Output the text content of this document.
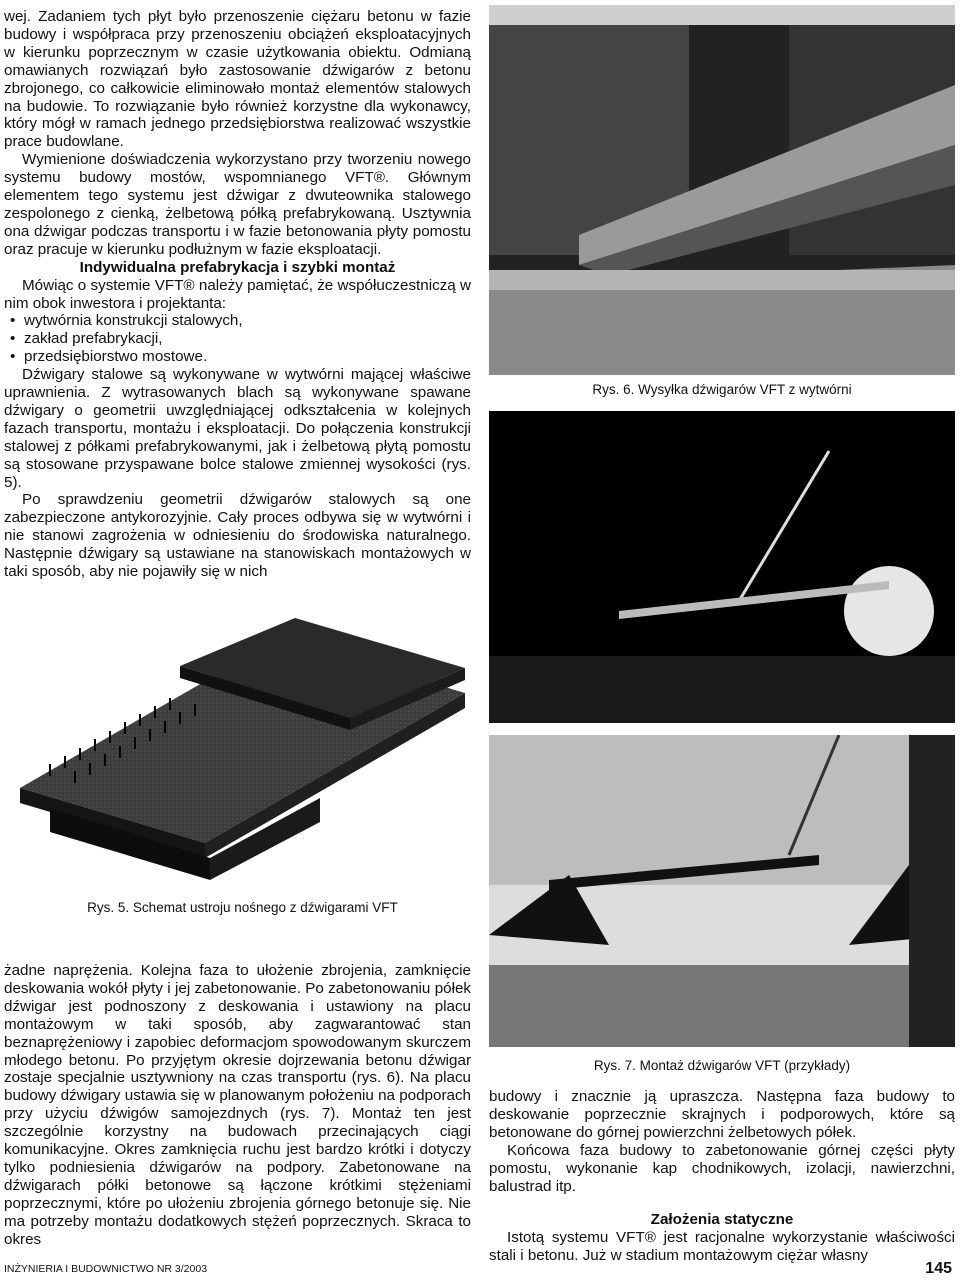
wej. Zadaniem tych płyt było przenoszenie ciężaru betonu w fazie budowy i współpraca przy przenoszeniu obciążeń eksploatacyjnych w kierunku poprzecznym w czasie użytkowania obiektu. Odmianą omawianych rozwiązań było zastosowanie dźwigarów z betonu zbrojonego, co całkowicie eliminowało montaż elementów stalowych na budowie. To rozwiązanie było również korzystne dla wykonawcy, który mógł w ramach jednego przedsiębiorstwa realizować wszystkie prace budowlane.

Wymienione doświadczenia wykorzystano przy tworzeniu nowego systemu budowy mostów, wspomnianego VFT®. Głównym elementem tego systemu jest dźwigar z dwuteownika stalowego zespolonego z cienką, żelbetową półką prefabrykowaną. Usztywnia ona dźwigar podczas transportu i w fazie betonowania płyty pomostu oraz pracuje w kierunku podłużnym w fazie eksploatacji.

Indywidualna prefabrykacja i szybki montaż

Mówiąc o systemie VFT® należy pamiętać, że współuczestniczą w nim obok inwestora i projektanta:

• wytwórnia konstrukcji stalowych,
• zakład prefabrykacji,
• przedsiębiorstwo mostowe.

Dźwigary stalowe są wykonywane w wytwórni mającej właściwe uprawnienia. Z wytrasowanych blach są wykonywane spawane dźwigary o geometrii uwzględniającej odkształcenia w kolejnych fazach transportu, montażu i eksploatacji. Do połączenia konstrukcji stalowej z półkami prefabrykowanymi, jak i żelbetową płytą pomostu są stosowane przyspawane bolce stalowe zmiennej wysokości (rys. 5).

Po sprawdzeniu geometrii dźwigarów stalowych są one zabezpieczone antykorozyjnie. Cały proces odbywa się w wytwórni i nie stanowi zagrożenia w odniesieniu do środowiska naturalnego. Następnie dźwigary są ustawiane na stanowiskach montażowych w taki sposób, aby nie pojawiły się w nich

Rys. 5. Schemat ustroju nośnego z dźwigarami VFT
Rys. 6. Wysyłka dźwigarów VFT z wytwórni
Rys. 7. Montaż dźwigarów VFT (przykłady)

żadne naprężenia. Kolejna faza to ułożenie zbrojenia, zamknięcie deskowania wokół płyty i jej zabetonowanie. Po zabetonowaniu półek dźwigar jest podnoszony z deskowania i ustawiony na placu montażowym w taki sposób, aby zagwarantować stan beznaprężeniowy i zapobiec deformacjom spowodowanym skurczem młodego betonu. Po przyjętym okresie dojrzewania betonu dźwigar zostaje specjalnie usztywniony na czas transportu (rys. 6). Na placu budowy dźwigary ustawia się w planowanym położeniu na podporach przy użyciu dźwigów samojezdnych (rys. 7). Montaż ten jest szczególnie korzystny na budowach przecinających ciągi komunikacyjne. Okres zamknięcia ruchu jest bardzo krótki i dotyczy tylko podniesienia dźwigarów na podpory. Zabetonowane na dźwigarach półki betonowe są łączone krótkimi stężeniami poprzecznymi, które po ułożeniu zbrojenia górnego betonuje się. Nie ma potrzeby montażu dodatkowych stężeń poprzecznych. Skraca to okres

budowy i znacznie ją upraszcza. Następna faza budowy to deskowanie poprzecznie skrajnych i podporowych, które są betonowane do górnej powierzchni żelbetowych półek.

Końcowa faza budowy to zabetonowanie górnej części płyty pomostu, wykonanie kap chodnikowych, izolacji, nawierzchni, balustrad itp.

Założenia statyczne

Istotą systemu VFT® jest racjonalne wykorzystanie właściwości stali i betonu. Już w stadium montażowym ciężar własny

INŻYNIERIA I BUDOWNICTWO NR 3/2003	145
